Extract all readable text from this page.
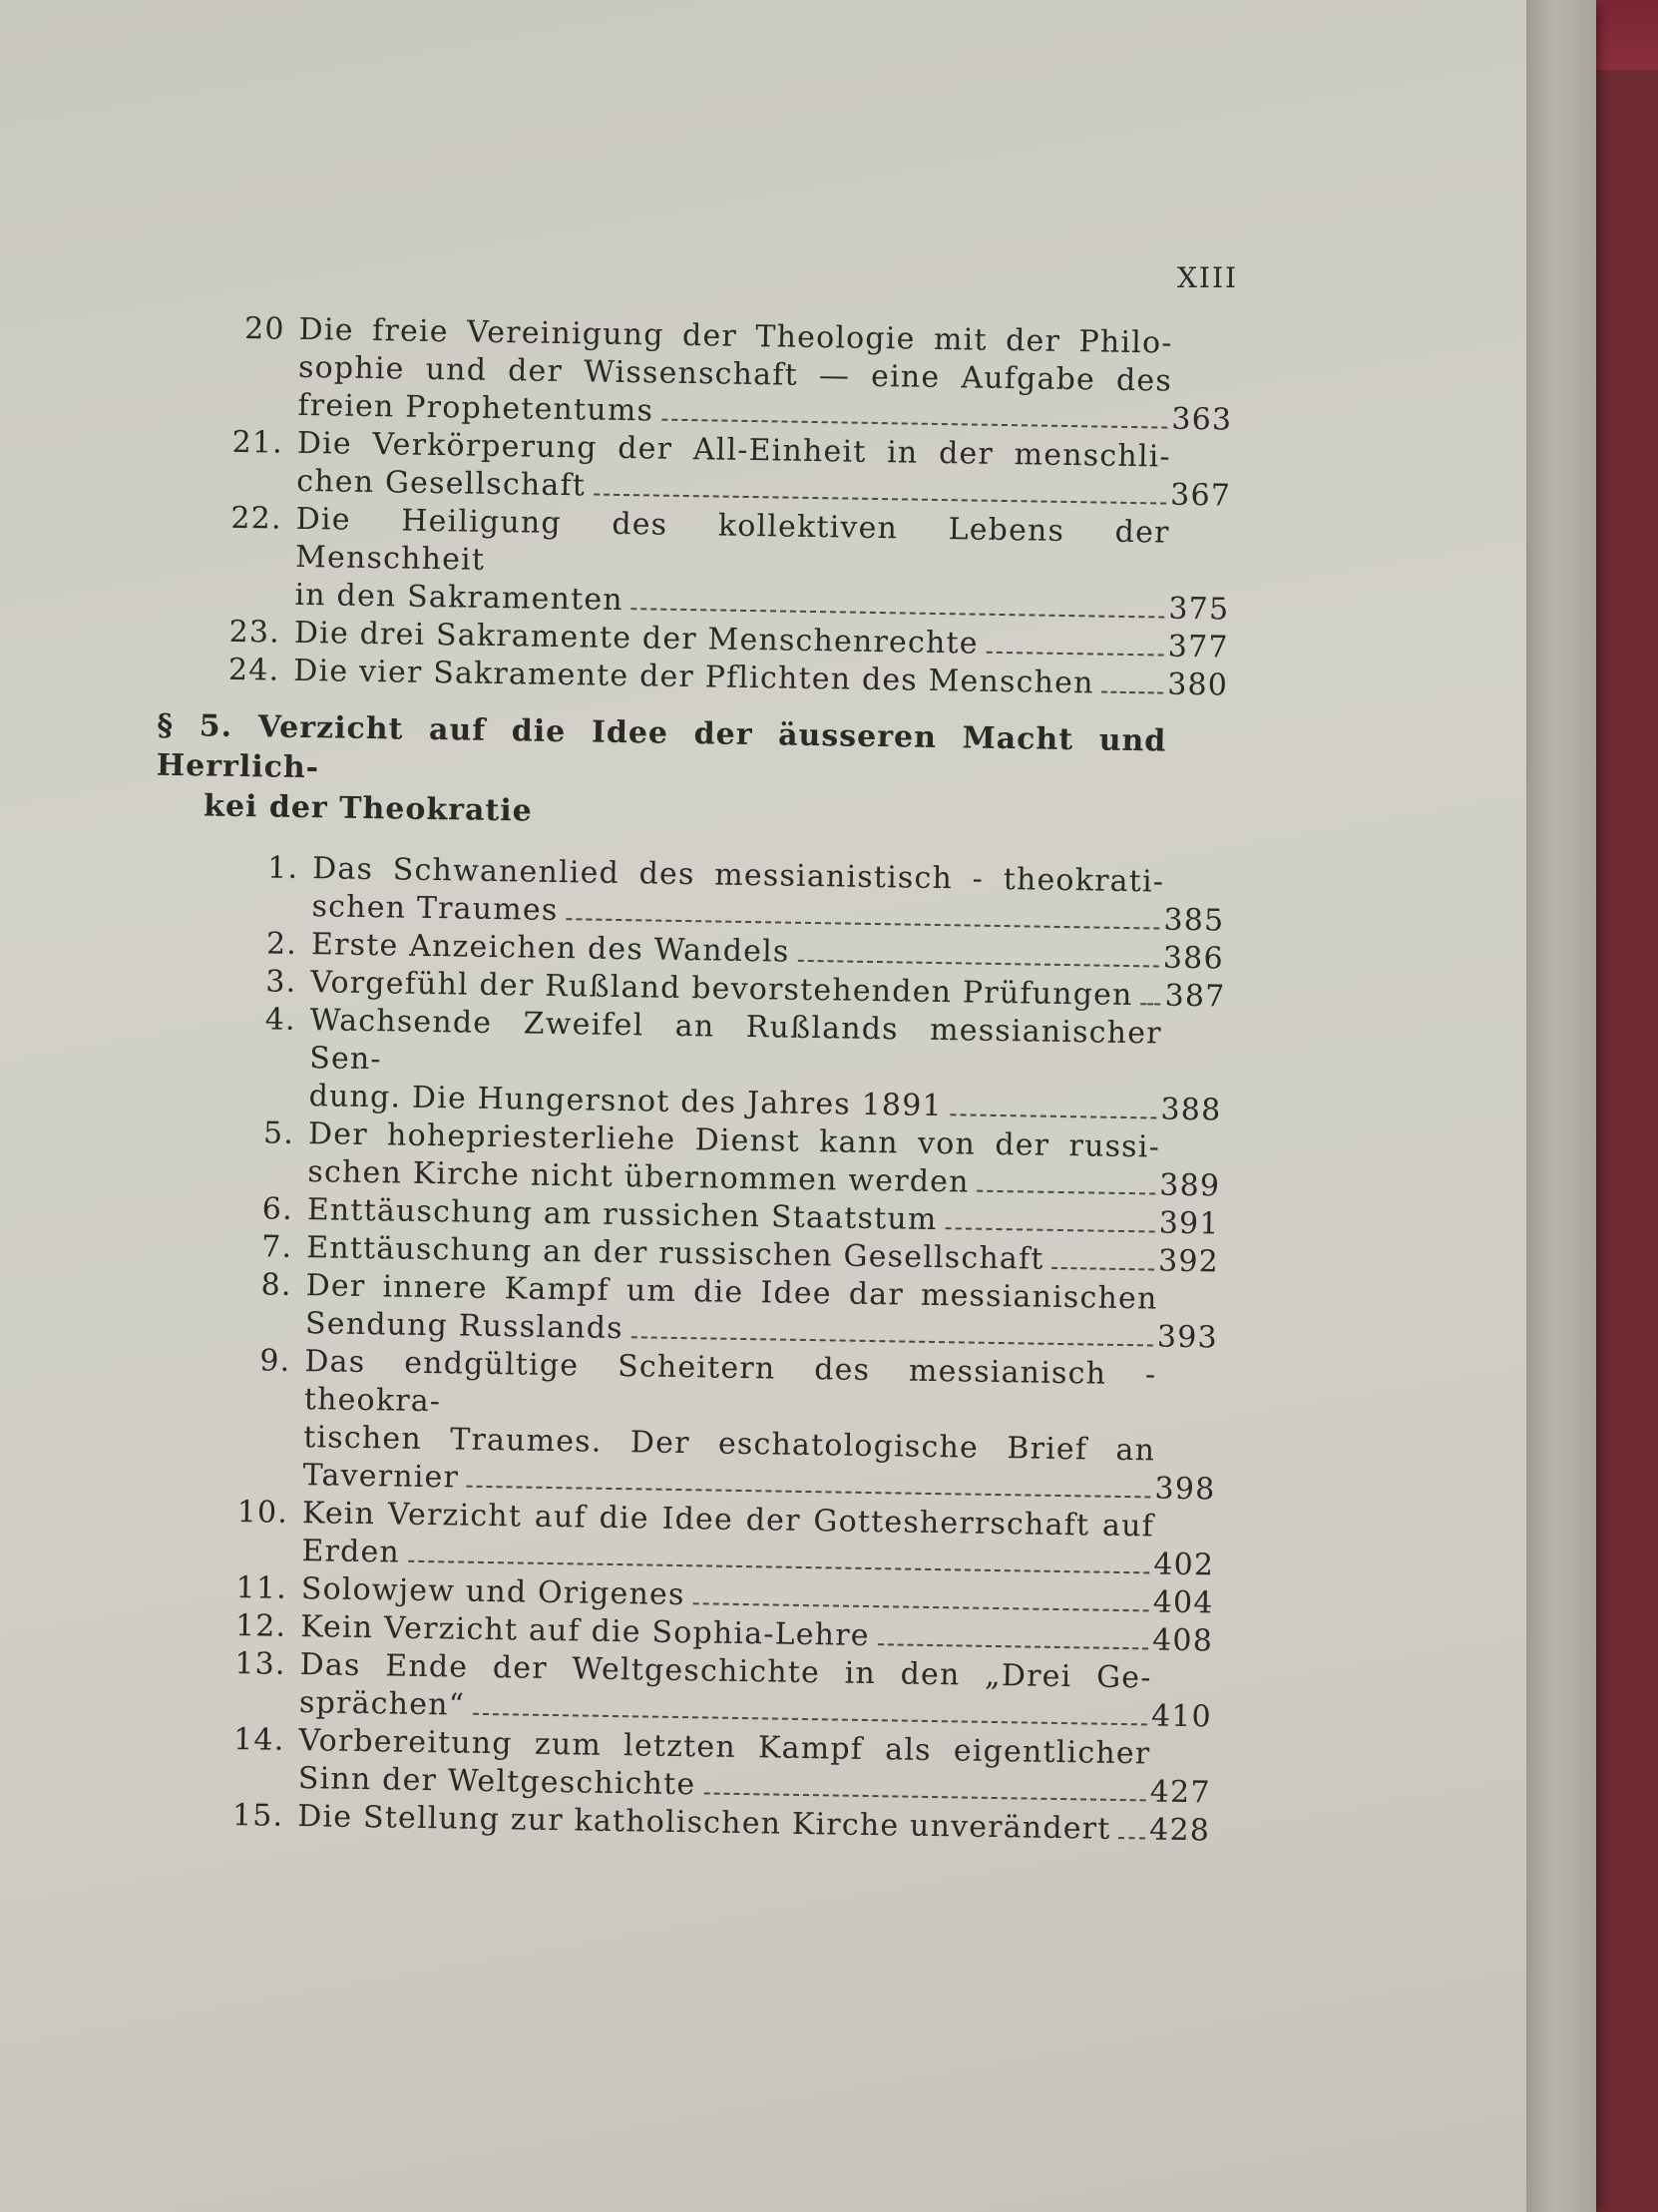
XIII
20 Die freie Vereinigung der Theologie mit der Philo-
sophie und der Wissenschaft — eine Aufgabe des
freien Prophetentums	363
21. Die Verkörperung der All-Einheit in der menschli-
chen Gesellschaft	367
22. Die Heiligung des kollektiven Lebens der Menschheit
in den Sakramenten	375
23. Die drei Sakramente der Menschenrechte	377
24. Die vier Sakramente der Pflichten des Menschen 380
§ 5. Verzicht auf die Idee der äusseren Macht und Herrlich-
kei der Theokratie
1. Das Schwanenlied des messianistisch - theokrati-
schen Traumes	385
2. Erste Anzeichen des Wandels	386
3. Vorgefühl der Rußland bevorstehenden Prüfungen 387
4. Wachsende Zweifel an Rußlands messianischer Sen-
dung. Die Hungersnot des Jahres 1891	388
5. Der hohepriesterliehe Dienst kann von der russi-
schen Kirche nicht übernommen werden	389
6. Enttäuschung am russichen Staatstum	391
7. Enttäuschung an der russischen Gesellschaft	392
8. Der innere Kampf um die Idee dar messianischen
Sendung Russlands	393
9. Das endgültige Scheitern des messianisch - theokra-
tischen Traumes. Der eschatologische Brief an
Tavernier	398
10. Kein Verzicht auf die Idee der Gottesherrschaft auf
Erden	402
11. Solowjew und Origenes	404
12. Kein Verzicht auf die Sophia-Lehre	408
13. Das Ende der Weltgeschichte in den „Drei Ge-
sprächen“	410
14. Vorbereitung zum letzten Kampf als eigentlicher
Sinn der Weltgeschichte	427
15. Die Stellung zur katholischen Kirche unverändert 428
